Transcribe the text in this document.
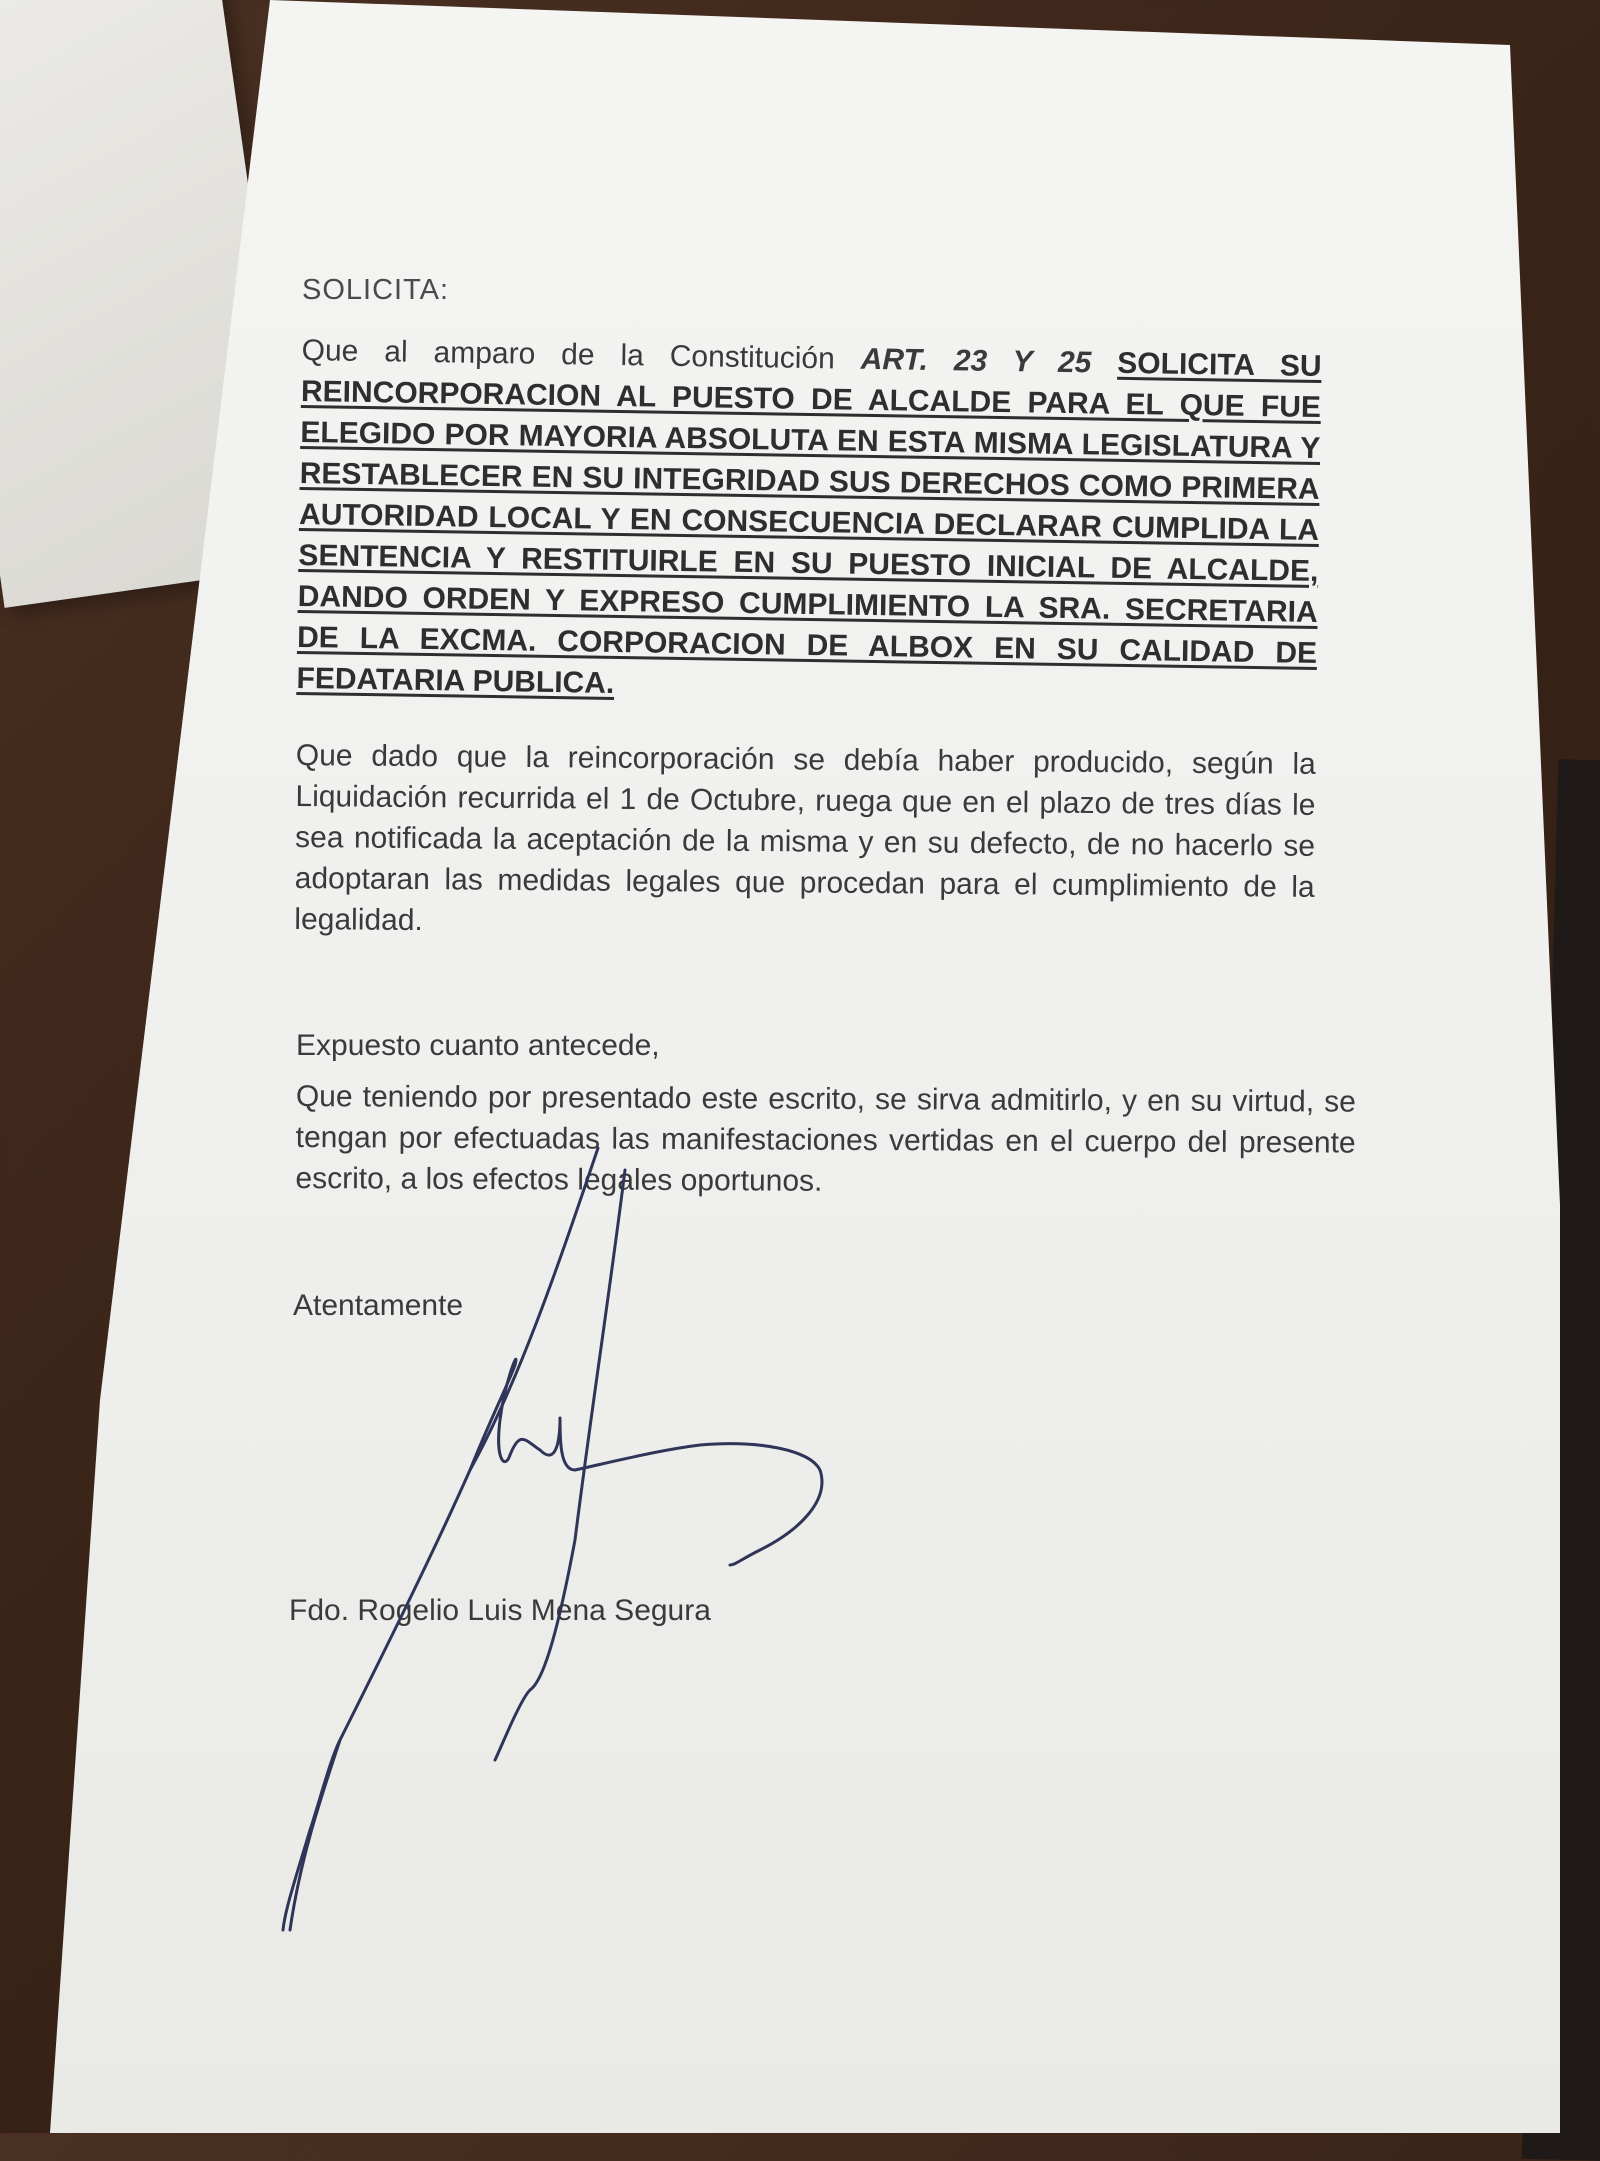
SOLICITA:
Que al amparo de la Constitución ART. 23 Y 25 SOLICITA SU REINCORPORACION AL PUESTO DE ALCALDE PARA EL QUE FUE ELEGIDO POR MAYORIA ABSOLUTA EN ESTA MISMA LEGISLATURA Y RESTABLECER EN SU INTEGRIDAD SUS DERECHOS COMO PRIMERA AUTORIDAD LOCAL Y EN CONSECUENCIA DECLARAR CUMPLIDA LA SENTENCIA Y RESTITUIRLE EN SU PUESTO INICIAL DE ALCALDE, DANDO ORDEN Y EXPRESO CUMPLIMIENTO LA SRA. SECRETARIA DE LA EXCMA. CORPORACION DE ALBOX EN SU CALIDAD DE FEDATARIA PUBLICA.
Que dado que la reincorporación se debía haber producido, según la Liquidación recurrida el 1 de Octubre, ruega que en el plazo de tres días le sea notificada la aceptación de la misma y en su defecto, de no hacerlo se adoptaran las medidas legales que procedan para el cumplimiento de la legalidad.
Expuesto cuanto antecede,
Que teniendo por presentado este escrito, se sirva admitirlo, y en su virtud, se tengan por efectuadas las manifestaciones vertidas en el cuerpo del presente escrito, a los efectos legales oportunos.
Atentamente
Fdo. Rogelio Luis Mena Segura
